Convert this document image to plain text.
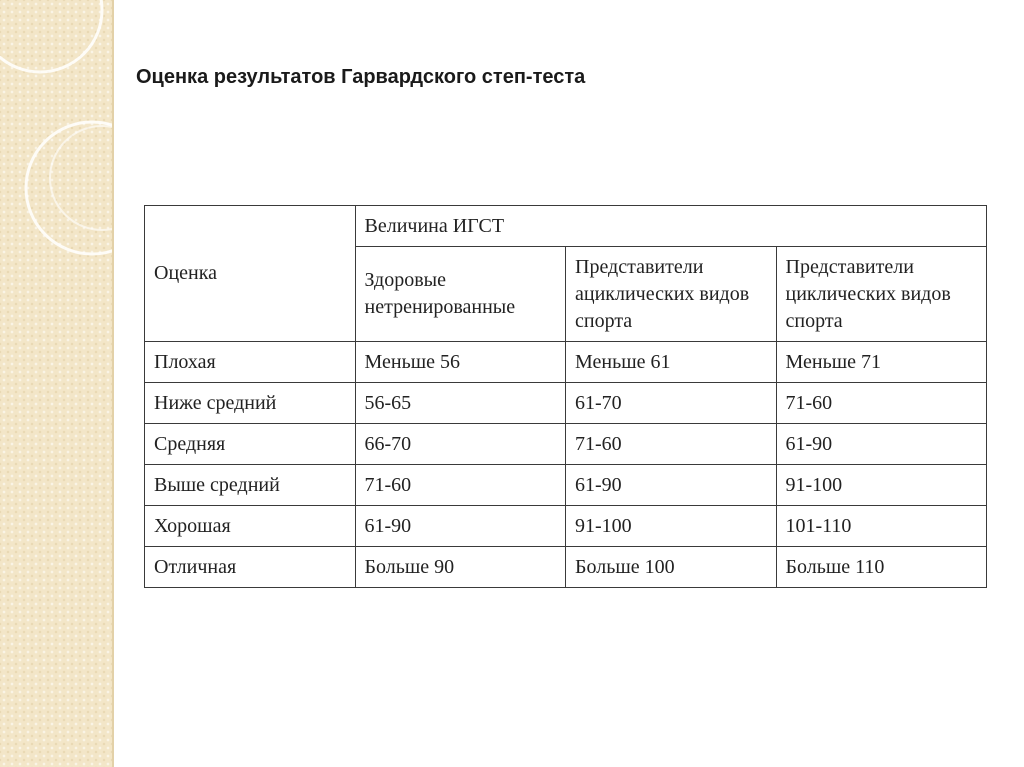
Оценка результатов Гарвардского степ-теста
Оценка	Величина ИГСТ		
	Здоровые нетренированные	Представители ациклических видов спорта	Представители циклических видов спорта
Плохая	Меньше 56	Меньше 61	Меньше 71
Ниже средний	56-65	61-70	71-60
Средняя	66-70	71-60	61-90
Выше средний	71-60	61-90	91-100
Хорошая	61-90	91-100	101-110
Отличная	Больше 90	Больше 100	Больше 110
